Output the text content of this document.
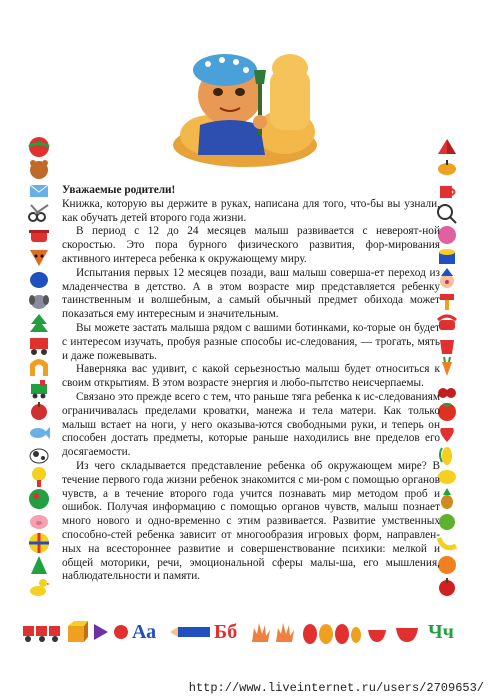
Уважаемые родители!

Книжка, которую вы держите в руках, написана для того, что-бы вы узнали, как обучать детей второго года жизни.

В период с 12 до 24 месяцев малыш развивается с невероят-ной скоростью. Это пора бурного физического развития, фор-мирования активного интереса ребенка к окружающему миру.

Испытания первых 12 месяцев позади, ваш малыш соверша-ет переход из младенчества в детство. А в этом возрасте мир представляется ребенку таинственным и волшебным, а самый обычный предмет обихода может показаться ему интересным и значительным.

Вы можете застать малыша рядом с вашими ботинками, ко-торые он будет с интересом изучать, пробуя разные способы ис-следования, — трогать, мять и даже пожевывать.

Наверняка вас удивит, с какой серьезностью малыш будет относиться к своим открытиям. В этом возрасте энергия и любо-пытство неисчерпаемы.

Связано это прежде всего с тем, что раньше тяга ребенка к ис-следованиям ограничивалась пределами кроватки, манежа и тела матери. Как только малыш встает на ноги, у него оказыва-ются свободными руки, и теперь он способен достать предметы, которые раньше находились вне пределов его досягаемости.

Из чего складывается представление ребенка об окружающем мире? В течение первого года жизни ребенок знакомится с ми-ром с помощью органов чувств, а в течение второго года учится познавать мир методом проб и ошибок. Получая информацию с помощью органов чувств, малыш познает много нового и одно-временно с этим развивается. Развитие умственных способно-стей ребенка зависит от многообразия игровых форм, направлен-ных на всестороннее развитие и совершенствование психики: мелкой и общей моторики, речи, эмоциональной сферы малы-ша, его мышления, наблюдательности и памяти.

Аа	Бб	Чч
http://www.liveinternet.ru/users/2709653/
